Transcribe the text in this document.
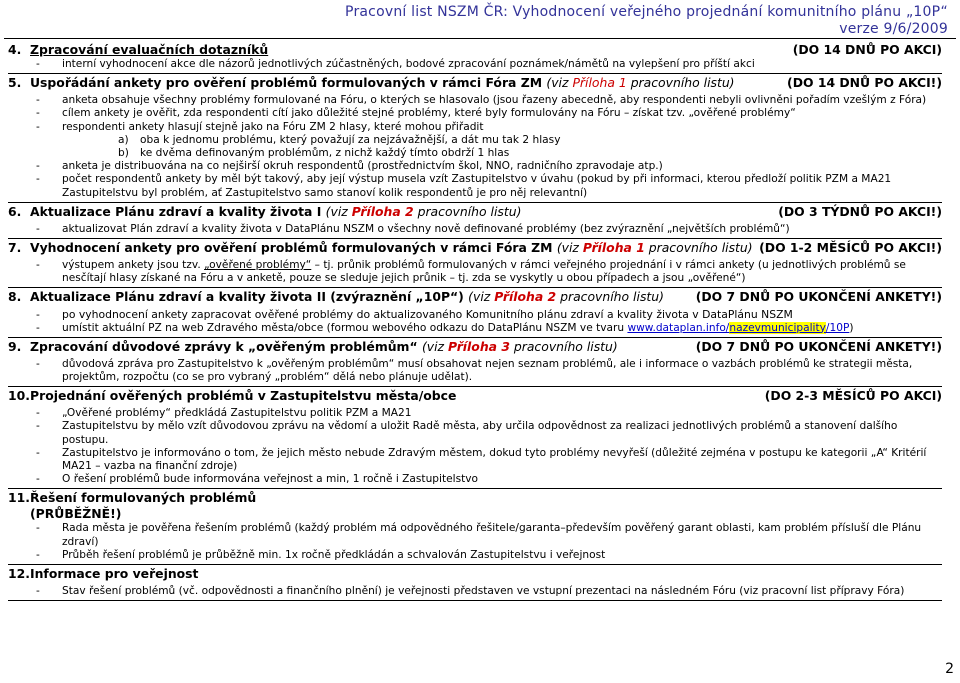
Pracovní list NSZM ČR: Vyhodnocení veřejného projednání komunitního plánu „10P“
verze 9/6/2009
4. Zpracování evaluačních dotazníků	(DO 14 DNŮ PO AKCI)
- interní vyhodnocení akce dle názorů jednotlivých zúčastněných, bodové zpracování poznámek/námětů na vylepšení pro příští akci
5. Uspořádání ankety pro ověření problémů formulovaných v rámci Fóra ZM (viz Příloha 1 pracovního listu)	(DO 14 DNŮ PO AKCI!)
- anketa obsahuje všechny problémy formulované na Fóru, o kterých se hlasovalo (jsou řazeny abecedně, aby respondenti nebyli ovlivněni pořadím vzešlým z Fóra)
- cílem ankety je ověřit, zda respondenti cítí jako důležité stejné problémy, které byly formulovány na Fóru – získat tzv. „ověřené problémy“
- respondenti ankety hlasují stejně jako na Fóru ZM 2 hlasy, které mohou přiřadit
a) oba k jednomu problému, který považují za nejzávažnější, a dát mu tak 2 hlasy
b) ke dvěma definovaným problémům, z nichž každý tímto obdrží 1 hlas
- anketa je distribuována na co nejširší okruh respondentů (prostřednictvím škol, NNO, radničního zpravodaje atp.)
- počet respondentů ankety by měl být takový, aby její výstup musela vzít Zastupitelstvo v úvahu (pokud by při informaci, kterou předloží politik PZM a MA21 Zastupitelstvu byl problém, ať Zastupitelstvo samo stanoví kolik respondentů je pro něj relevantní)
6. Aktualizace Plánu zdraví a kvality života I (viz Příloha 2 pracovního listu)	(DO 3 TÝDNŮ PO AKCI!)
- aktualizovat Plán zdraví a kvality života v DataPlánu NSZM o všechny nově definované problémy (bez zvýraznění „největších problémů“)
7. Vyhodnocení ankety pro ověření problémů formulovaných v rámci Fóra ZM (viz Příloha 1 pracovního listu) (DO 1-2 MĚSÍCŮ PO AKCI!)
- výstupem ankety jsou tzv. „ověřené problémy“ – tj. průnik problémů formulovaných v rámci veřejného projednání i v rámci ankety (u jednotlivých problémů se nesčítají hlasy získané na Fóru a v anketě, pouze se sleduje jejich průnik – tj. zda se vyskytly u obou případech a jsou „ověřené“)
8. Aktualizace Plánu zdraví a kvality života II (zvýraznění „10P“) (viz Příloha 2 pracovního listu)	(DO 7 DNŮ PO UKONČENÍ ANKETY!)
- po vyhodnocení ankety zapracovat ověřené problémy do aktualizovaného Komunitního plánu zdraví a kvality života v DataPlánu NSZM
- umístit aktuální PZ na web Zdravého města/obce (formou webového odkazu do DataPlánu NSZM ve tvaru www.dataplan.info/nazevmunicipality/10P)
9. Zpracování důvodové zprávy k „ověřeným problémům“ (viz Příloha 3 pracovního listu)	(DO 7 DNŮ PO UKONČENÍ ANKETY!)
- důvodová zpráva pro Zastupitelstvo k „ověřeným problémům“ musí obsahovat nejen seznam problémů, ale i informace o vazbách problémů ke strategii města, projektům, rozpočtu (co se pro vybraný „problém“ dělá nebo plánuje udělat).
10.Projednání ověřených problémů v Zastupitelstvu města/obce	(DO 2-3 MĚSÍCŮ PO AKCI)
- „Ověřené problémy“ předkládá Zastupitelstvu politik PZM a MA21
- Zastupitelstvu by mělo vzít důvodovou zprávu na vědomí a uložit Radě města, aby určila odpovědnost za realizaci jednotlivých problémů a stanovení dalšího postupu.
- Zastupitelstvo je informováno o tom, že jejich město nebude Zdravým městem, dokud tyto problémy nevyřeší (důležité zejména v postupu ke kategorii „A“ Kritérií MA21 – vazba na finanční zdroje)
- O řešení problémů bude informována veřejnost a min, 1 ročně i Zastupitelstvo
11.Řešení formulovaných problémů
(PRŮBĚŽNĚ!)
- Rada města je pověřena řešením problémů (každý problém má odpovědného řešitele/garanta–především pověřený garant oblasti, kam problém přísluší dle Plánu zdraví)
- Průběh řešení problémů je průběžně min. 1x ročně předkládán a schvalován Zastupitelstvu i veřejnost
12.Informace pro veřejnost
- Stav řešení problémů (vč. odpovědnosti a finančního plnění) je veřejnosti představen ve vstupní prezentaci na následném Fóru (viz pracovní list přípravy Fóra)
2
